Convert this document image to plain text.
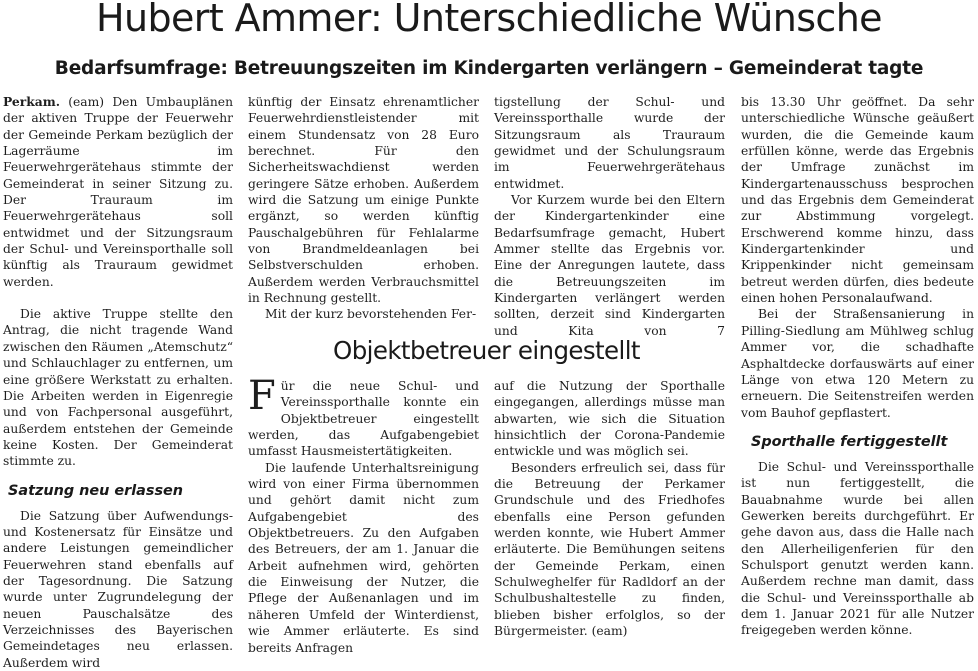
Hubert Ammer: Unterschiedliche Wünsche
Bedarfsumfrage: Betreuungszeiten im Kindergarten verlängern – Gemeinderat tagte

Perkam. (eam) Den Umbauplänen der aktiven Truppe der Feuerwehr der Gemeinde Perkam bezüglich der Lagerräume im Feuerwehrgerätehaus stimmte der Gemeinderat in seiner Sitzung zu. Der Trauraum im Feuerwehrgerätehaus soll entwidmet und der Sitzungsraum der Schul- und Vereinsporthalle soll künftig als Trauraum gewidmet werden.

Die aktive Truppe stellte den Antrag, die nicht tragende Wand zwischen den Räumen „Atemschutz“ und Schlauchlager zu entfernen, um eine größere Werkstatt zu erhalten. Die Arbeiten werden in Eigenregie und von Fachpersonal ausgeführt, außerdem entstehen der Gemeinde keine Kosten. Der Gemeinderat stimmte zu.

Satzung neu erlassen

Die Satzung über Aufwendungs- und Kostenersatz für Einsätze und andere Leistungen gemeindlicher Feuerwehren stand ebenfalls auf der Tagesordnung. Die Satzung wurde unter Zugrundelegung der neuen Pauschalsätze des Verzeichnisses des Bayerischen Gemeindetages neu erlassen. Außerdem wird

künftig der Einsatz ehrenamtlicher Feuerwehrdienstleistender mit einem Stundensatz von 28 Euro berechnet. Für den Sicherheitswachdienst werden geringere Sätze erhoben. Außerdem wird die Satzung um einige Punkte ergänzt, so werden künftig Pauschalgebühren für Fehlalarme von Brandmeldeanlagen bei Selbstverschulden erhoben. Außerdem werden Verbrauchsmittel in Rechnung gestellt.

Mit der kurz bevorstehenden Fer-

tigstellung der Schul- und Vereinssporthalle wurde der Sitzungsraum als Trauraum gewidmet und der Schulungsraum im Feuerwehrgerätehaus entwidmet.

Vor Kurzem wurde bei den Eltern der Kindergartenkinder eine Bedarfsumfrage gemacht, Hubert Ammer stellte das Ergebnis vor. Eine der Anregungen lautete, dass die Betreuungszeiten im Kindergarten verlängert werden sollten, derzeit sind Kindergarten und Kita von 7

bis 13.30 Uhr geöffnet. Da sehr unterschiedliche Wünsche geäußert wurden, die die Gemeinde kaum erfüllen könne, werde das Ergebnis der Umfrage zunächst im Kindergartenausschuss besprochen und das Ergebnis dem Gemeinderat zur Abstimmung vorgelegt. Erschwerend komme hinzu, dass Kindergartenkinder und Krippenkinder nicht gemeinsam betreut werden dürfen, dies bedeute einen hohen Personalaufwand.

Bei der Straßensanierung in Pilling-Siedlung am Mühlweg schlug Ammer vor, die schadhafte Asphaltdecke dorfauswärts auf einer Länge von etwa 120 Metern zu erneuern. Die Seitenstreifen werden vom Bauhof gepflastert.

Sporthalle fertiggestellt

Die Schul- und Vereinssporthalle ist nun fertiggestellt, die Bauabnahme wurde bei allen Gewerken bereits durchgeführt. Er gehe davon aus, dass die Halle nach den Allerheiligenferien für den Schulsport genutzt werden kann. Außerdem rechne man damit, dass die Schul- und Vereinssporthalle ab dem 1. Januar 2021 für alle Nutzer freigegeben werden könne.

Objektbetreuer eingestellt

Für die neue Schul- und Vereinssporthalle konnte ein Objektbetreuer eingestellt werden, das Aufgabengebiet umfasst Hausmeistertätigkeiten.

Die laufende Unterhaltsreinigung wird von einer Firma übernommen und gehört damit nicht zum Aufgabengebiet des Objektbetreuers. Zu den Aufgaben des Betreuers, der am 1. Januar die Arbeit aufnehmen wird, gehörten die Einweisung der Nutzer, die Pflege der Außenanlagen und im näheren Umfeld der Winterdienst, wie Ammer erläuterte. Es sind bereits Anfragen

auf die Nutzung der Sporthalle eingegangen, allerdings müsse man abwarten, wie sich die Situation hinsichtlich der Corona-Pandemie entwickle und was möglich sei.

Besonders erfreulich sei, dass für die Betreuung der Perkamer Grundschule und des Friedhofes ebenfalls eine Person gefunden werden konnte, wie Hubert Ammer erläuterte. Die Bemühungen seitens der Gemeinde Perkam, einen Schulweghelfer für Radldorf an der Schulbushaltestelle zu finden, blieben bisher erfolglos, so der Bürgermeister. (eam)
